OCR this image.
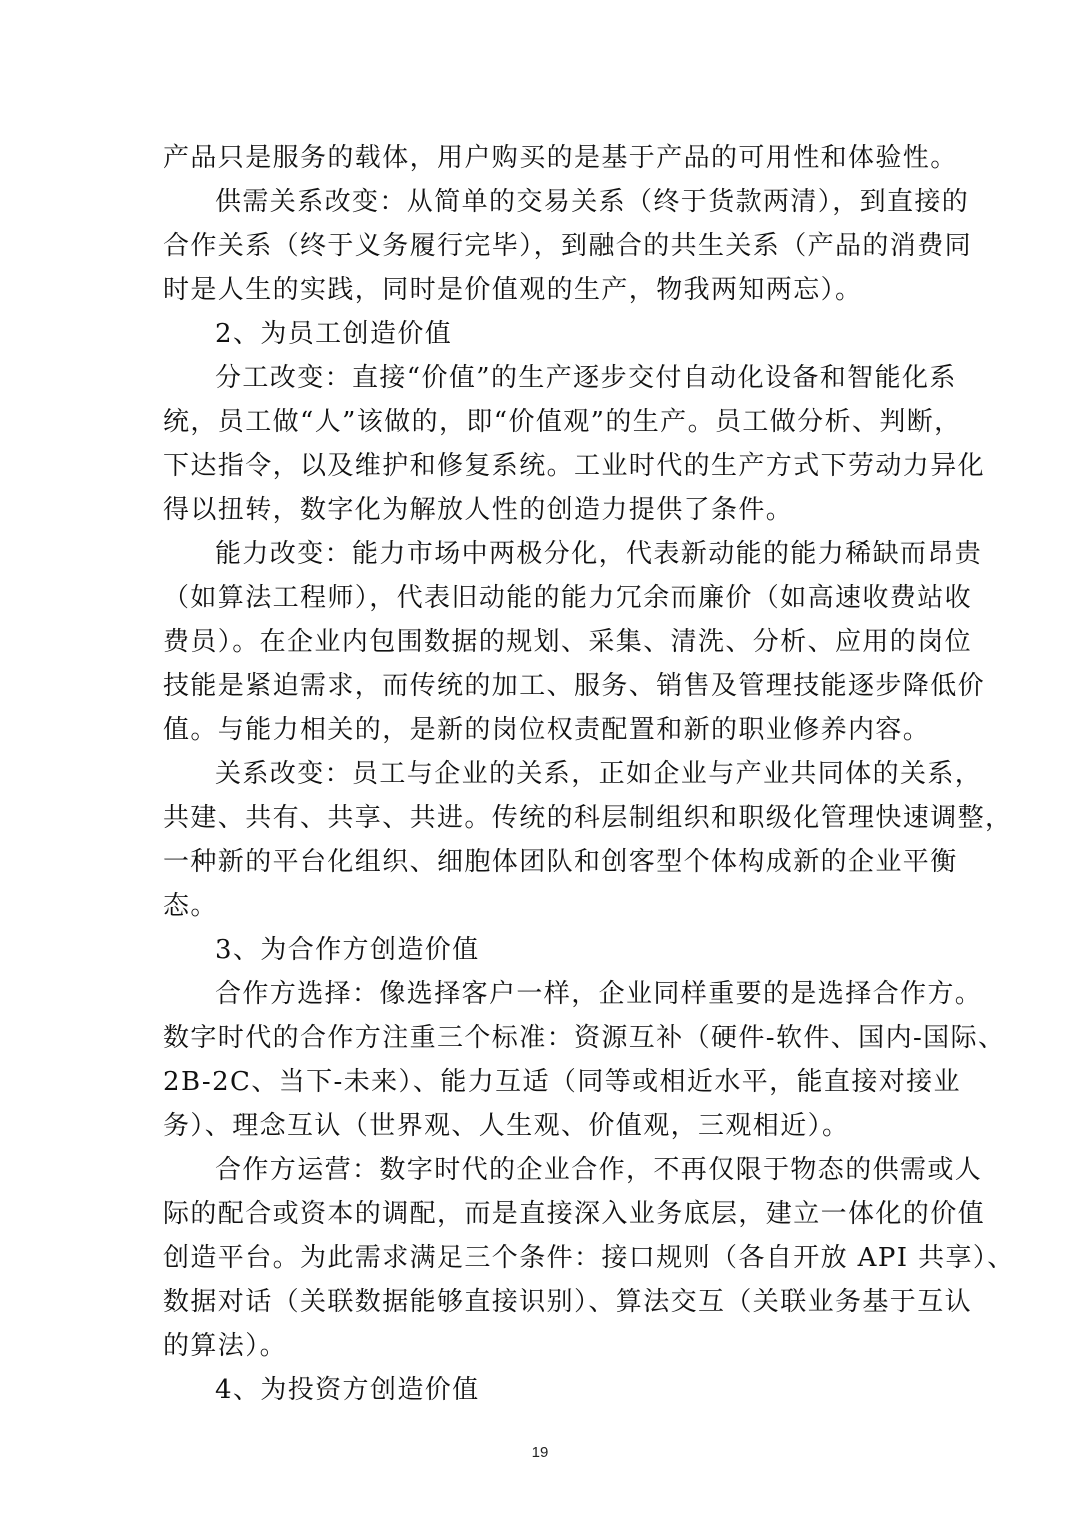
产品只是服务的载体，用户购买的是基于产品的可用性和体验性。
供需关系改变：从简单的交易关系（终于货款两清），到直接的
合作关系（终于义务履行完毕），到融合的共生关系（产品的消费同
时是人生的实践，同时是价值观的生产，物我两知两忘）。
2、为员工创造价值
分工改变：直接“价值”的生产逐步交付自动化设备和智能化系
统，员工做“人”该做的，即“价值观”的生产。员工做分析、判断，
下达指令，以及维护和修复系统。工业时代的生产方式下劳动力异化
得以扭转，数字化为解放人性的创造力提供了条件。
能力改变：能力市场中两极分化，代表新动能的能力稀缺而昂贵
（如算法工程师），代表旧动能的能力冗余而廉价（如高速收费站收
费员）。在企业内包围数据的规划、采集、清洗、分析、应用的岗位
技能是紧迫需求，而传统的加工、服务、销售及管理技能逐步降低价
值。与能力相关的，是新的岗位权责配置和新的职业修养内容。
关系改变：员工与企业的关系，正如企业与产业共同体的关系，
共建、共有、共享、共进。传统的科层制组织和职级化管理快速调整，
一种新的平台化组织、细胞体团队和创客型个体构成新的企业平衡
态。
3、为合作方创造价值
合作方选择：像选择客户一样，企业同样重要的是选择合作方。
数字时代的合作方注重三个标准：资源互补（硬件-软件、国内-国际、
2B-2C、当下-未来）、能力互适（同等或相近水平，能直接对接业
务）、理念互认（世界观、人生观、价值观，三观相近）。
合作方运营：数字时代的企业合作，不再仅限于物态的供需或人
际的配合或资本的调配，而是直接深入业务底层，建立一体化的价值
创造平台。为此需求满足三个条件：接口规则（各自开放 API 共享）、
数据对话（关联数据能够直接识别）、算法交互（关联业务基于互认
的算法）。
4、为投资方创造价值
19
